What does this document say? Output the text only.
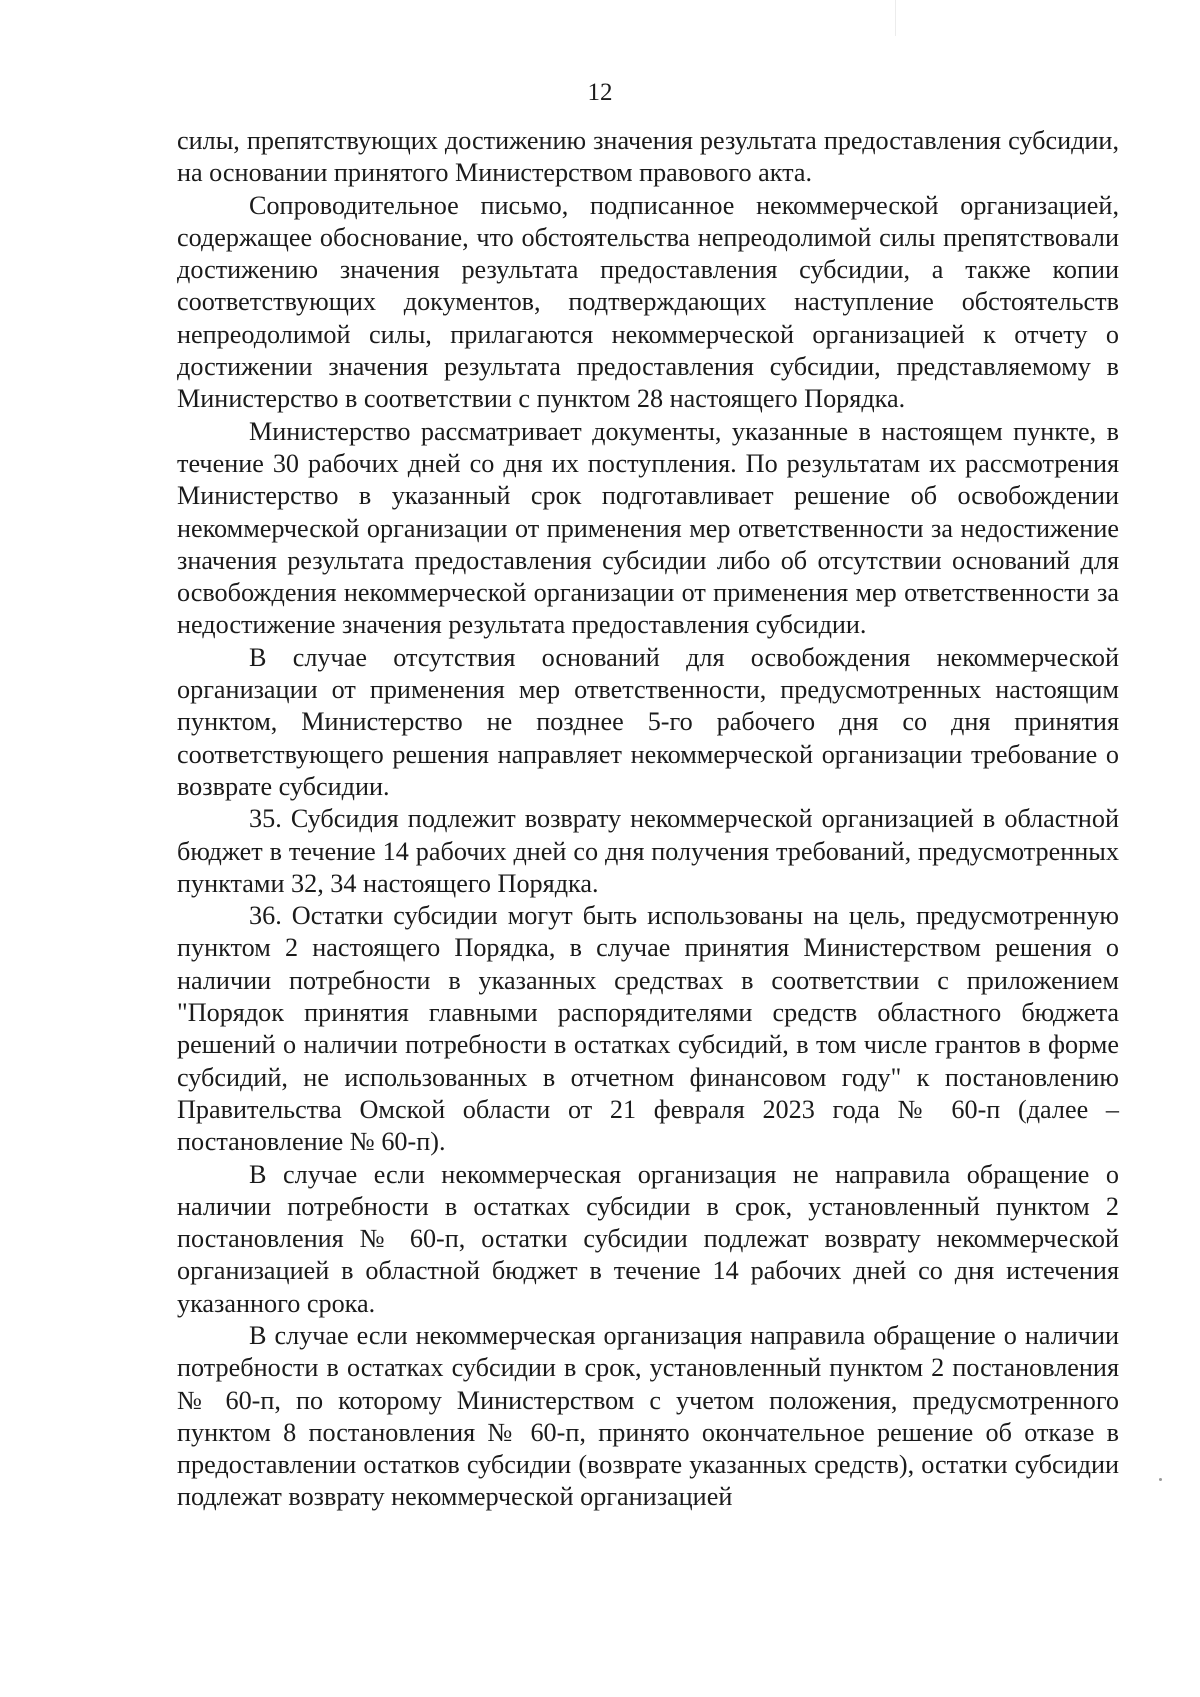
12

силы, препятствующих достижению значения результата предоставления субсидии, на основании принятого Министерством правового акта.

Сопроводительное письмо, подписанное некоммерческой организацией, содержащее обоснование, что обстоятельства непреодолимой силы препятствовали достижению значения результата предоставления субсидии, а также копии соответствующих документов, подтверждающих наступление обстоятельств непреодолимой силы, прилагаются некоммерческой организацией к отчету о достижении значения результата предоставления субсидии, представляемому в Министерство в соответствии с пунктом 28 настоящего Порядка.

Министерство рассматривает документы, указанные в настоящем пункте, в течение 30 рабочих дней со дня их поступления. По результатам их рассмотрения Министерство в указанный срок подготавливает решение об освобождении некоммерческой организации от применения мер ответственности за недостижение значения результата предоставления субсидии либо об отсутствии оснований для освобождения некоммерческой организации от применения мер ответственности за недостижение значения результата предоставления субсидии.

В случае отсутствия оснований для освобождения некоммерческой организации от применения мер ответственности, предусмотренных настоящим пунктом, Министерство не позднее 5-го рабочего дня со дня принятия соответствующего решения направляет некоммерческой организации требование о возврате субсидии.

35. Субсидия подлежит возврату некоммерческой организацией в областной бюджет в течение 14 рабочих дней со дня получения требований, предусмотренных пунктами 32, 34 настоящего Порядка.

36. Остатки субсидии могут быть использованы на цель, предусмотренную пунктом 2 настоящего Порядка, в случае принятия Министерством решения о наличии потребности в указанных средствах в соответствии с приложением "Порядок принятия главными распорядителями средств областного бюджета решений о наличии потребности в остатках субсидий, в том числе грантов в форме субсидий, не использованных в отчетном финансовом году" к постановлению Правительства Омской области от 21 февраля 2023 года № 60-п (далее – постановление № 60-п).

В случае если некоммерческая организация не направила обращение о наличии потребности в остатках субсидии в срок, установленный пунктом 2 постановления № 60-п, остатки субсидии подлежат возврату некоммерческой организацией в областной бюджет в течение 14 рабочих дней со дня истечения указанного срока.

В случае если некоммерческая организация направила обращение о наличии потребности в остатках субсидии в срок, установленный пунктом 2 постановления № 60-п, по которому Министерством с учетом положения, предусмотренного пунктом 8 постановления № 60-п, принято окончательное решение об отказе в предоставлении остатков субсидии (возврате указанных средств), остатки субсидии подлежат возврату некоммерческой организацией
